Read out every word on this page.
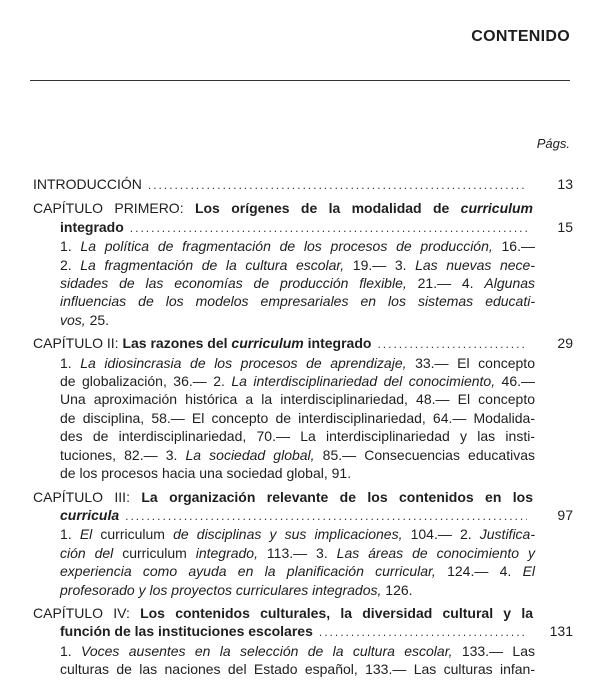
CONTENIDO
Págs.
INTRODUCCIÓN .....	13
CAPÍTULO PRIMERO: Los orígenes de la modalidad de curriculum
integrado .....	15
1. La política de fragmentación de los procesos de producción, 16.—
2. La fragmentación de la cultura escolar, 19.— 3. Las nuevas nece-
sidades de las economías de producción flexible, 21.— 4. Algunas
influencias de los modelos empresariales en los sistemas educati-
vos, 25.
CAPÍTULO II: Las razones del curriculum integrado .....	29
1. La idiosincrasia de los procesos de aprendizaje, 33.— El concepto
de globalización, 36.— 2. La interdisciplinariedad del conocimiento, 46.—
Una aproximación histórica a la interdisciplinariedad, 48.— El concepto
de disciplina, 58.— El concepto de interdisciplinariedad, 64.— Modalida-
des de interdisciplinariedad, 70.— La interdisciplinariedad y las insti-
tuciones, 82.— 3. La sociedad global, 85.— Consecuencias educativas
de los procesos hacia una sociedad global, 91.
CAPÍTULO III: La organización relevante de los contenidos en los
curricula .....	97
1. El curriculum de disciplinas y sus implicaciones, 104.— 2. Justifica-
ción del curriculum integrado, 113.— 3. Las áreas de conocimiento y
experiencia como ayuda en la planificación curricular, 124.— 4. El
profesorado y los proyectos curriculares integrados, 126.
CAPÍTULO IV: Los contenidos culturales, la diversidad cultural y la
función de las instituciones escolares .....	131
1. Voces ausentes en la selección de la cultura escolar, 133.— Las
culturas de las naciones del Estado español, 133.— Las culturas infan-
